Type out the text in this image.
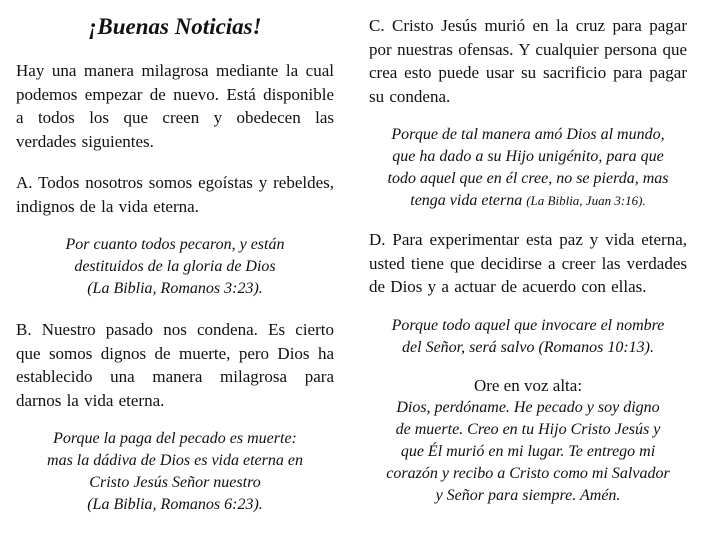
¡Buenas Noticias!

Hay una manera milagrosa mediante la cual podemos empezar de nuevo. Está disponible a todos los que creen y obedecen las verdades siguientes.

A. Todos nosotros somos egoístas y rebeldes, indignos de la vida eterna.

Por cuanto todos pecaron, y están
destituidos de la gloria de Dios
(La Biblia, Romanos 3:23).

B. Nuestro pasado nos condena. Es cierto que somos dignos de muerte, pero Dios ha establecido una manera milagrosa para darnos la vida eterna.

Porque la paga del pecado es muerte:
mas la dádiva de Dios es vida eterna en
Cristo Jesús Señor nuestro
(La Biblia, Romanos 6:23).

C. Cristo Jesús murió en la cruz para pagar por nuestras ofensas. Y cualquier persona que crea esto puede usar su sacrificio para pagar su condena.

Porque de tal manera amó Dios al mundo,
que ha dado a su Hijo unigénito, para que
todo aquel que en él cree, no se pierda, mas
tenga vida eterna (La Biblia, Juan 3:16).

D. Para experimentar esta paz y vida eterna, usted tiene que decidirse a creer las verdades de Dios y a actuar de acuerdo con ellas.

Porque todo aquel que invocare el nombre
del Señor, será salvo (Romanos 10:13).

Ore en voz alta:

Dios, perdóname. He pecado y soy digno
de muerte. Creo en tu Hijo Cristo Jesús y
que Él murió en mi lugar. Te entrego mi
corazón y recibo a Cristo como mi Salvador
y Señor para siempre. Amén.
